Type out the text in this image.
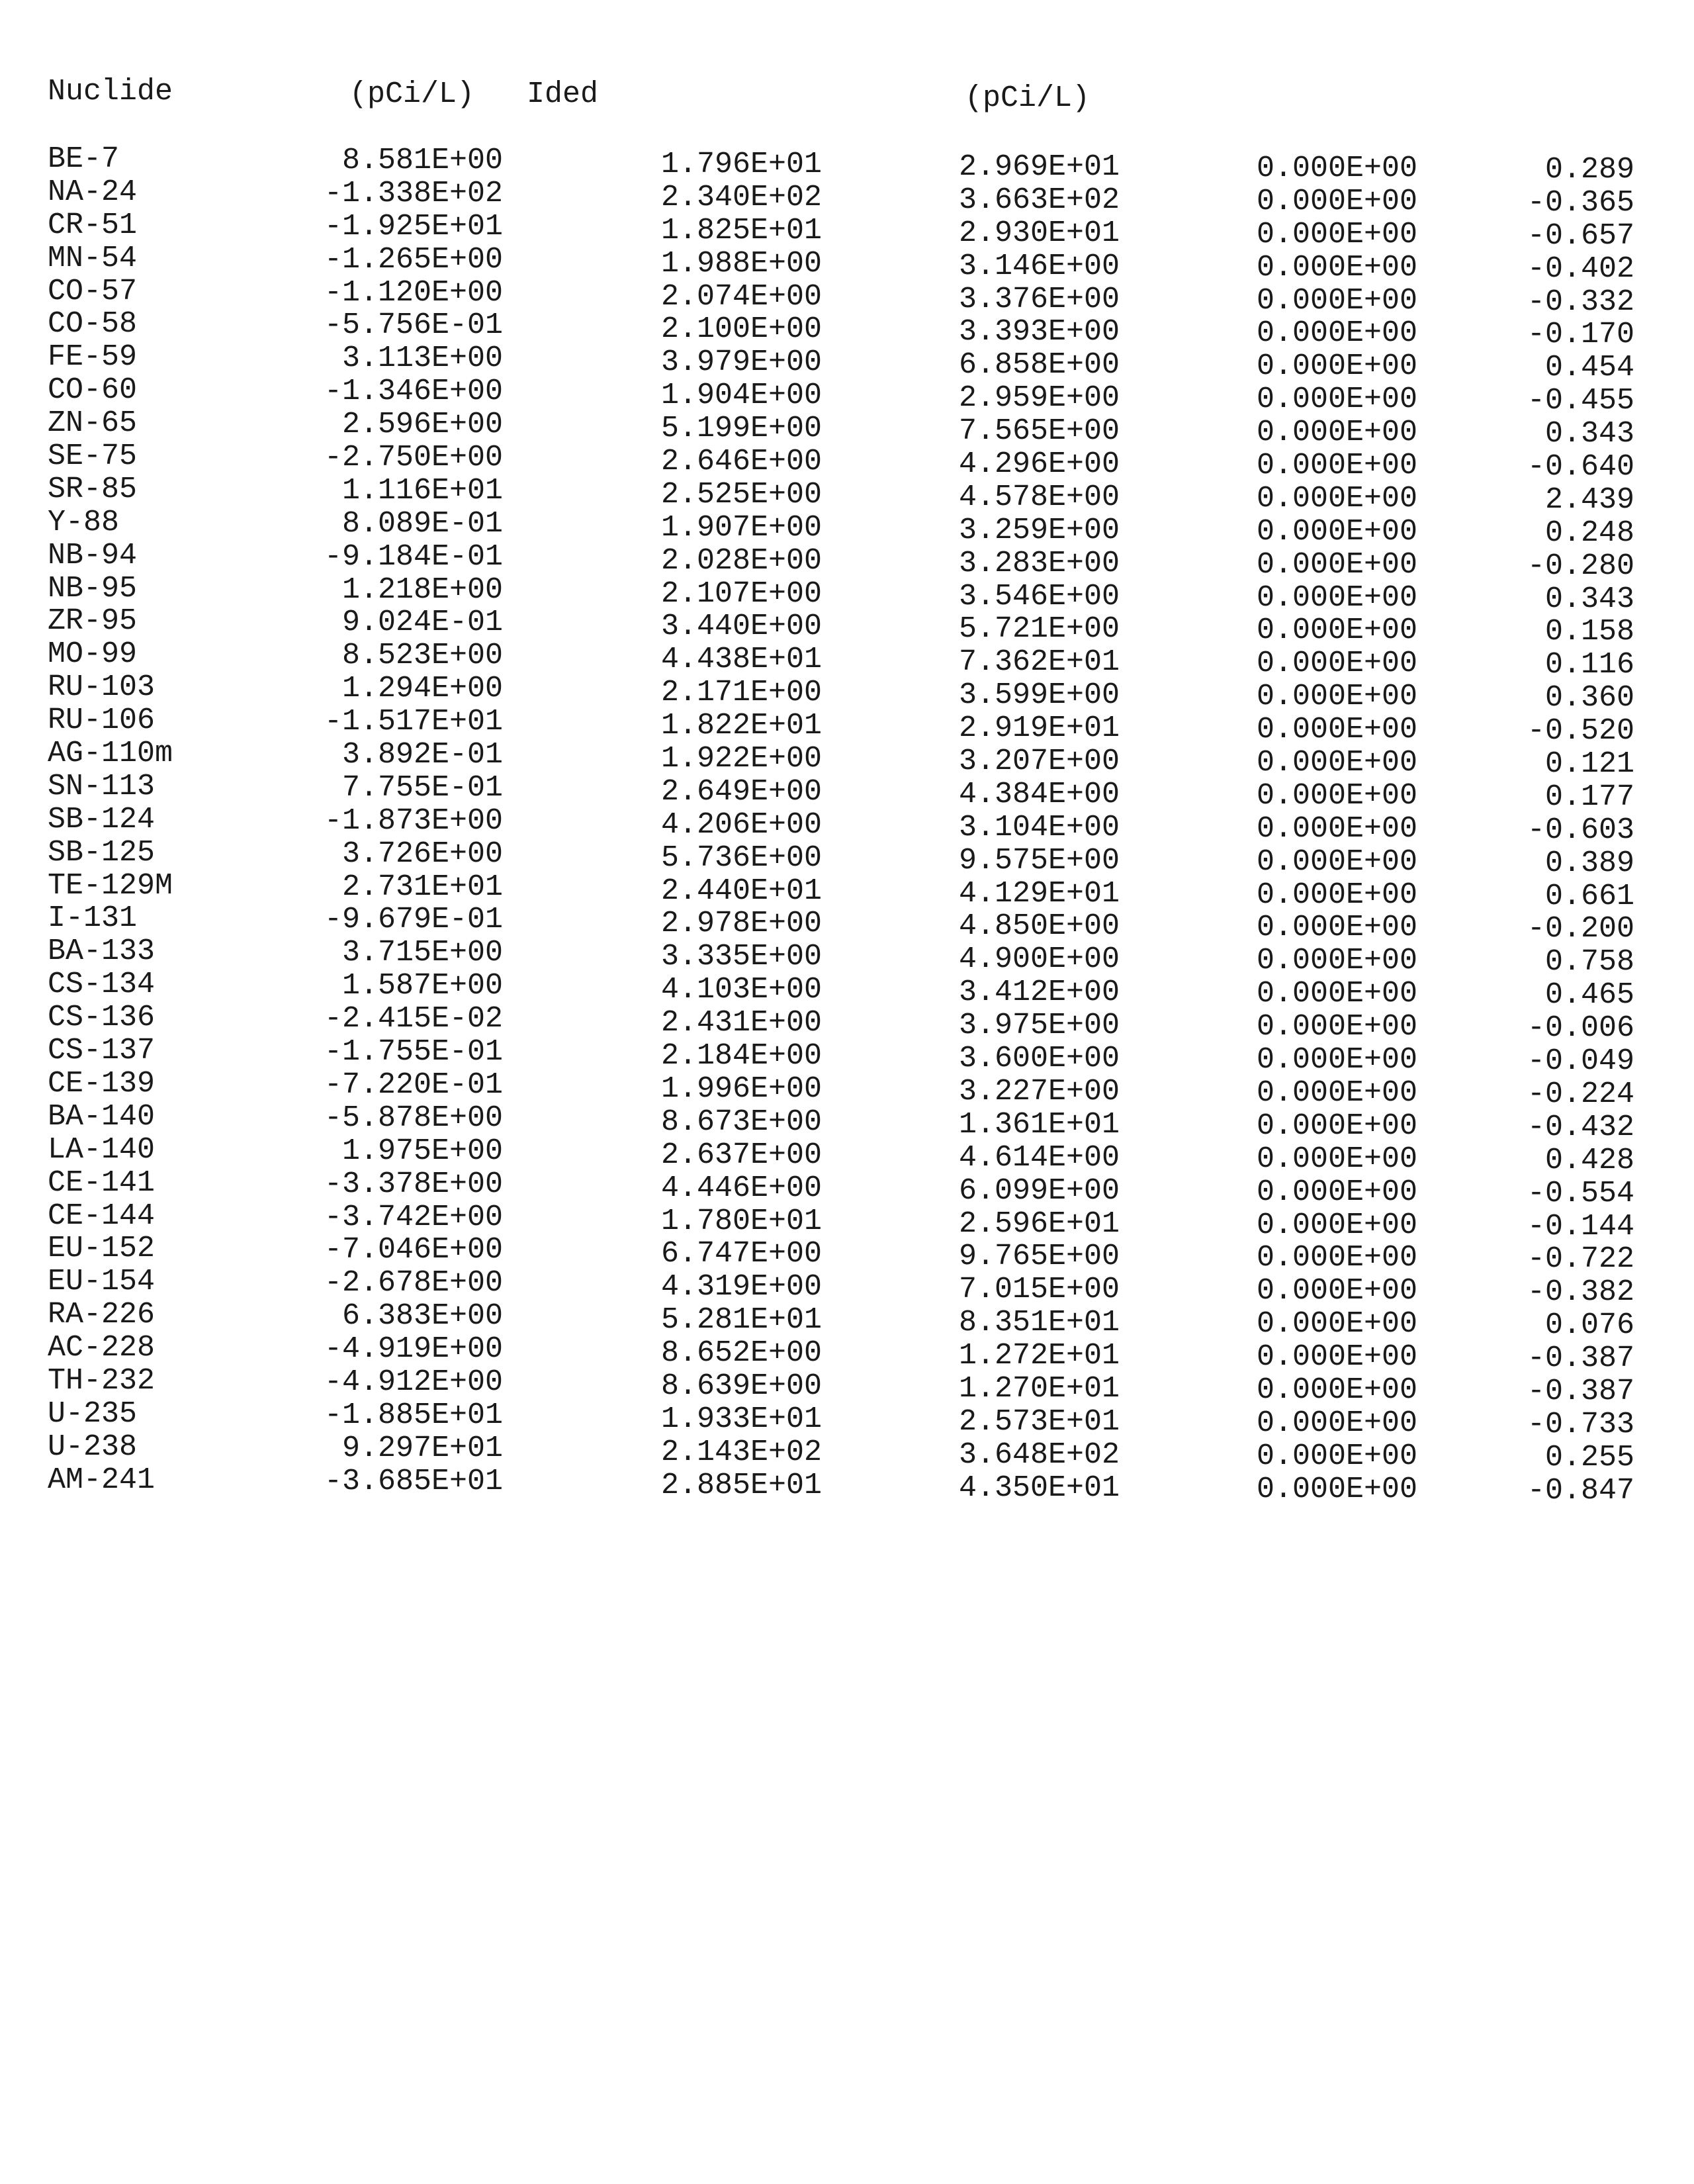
Nuclide	(pCi/L) Ided	(pCi/L)
BE-7	8.581E+00	1.796E+01	2.969E+01	0.000E+00	0.289
NA-24	-1.338E+02	2.340E+02	3.663E+02	0.000E+00	-0.365
CR-51	-1.925E+01	1.825E+01	2.930E+01	0.000E+00	-0.657
MN-54	-1.265E+00	1.988E+00	3.146E+00	0.000E+00	-0.402
CO-57	-1.120E+00	2.074E+00	3.376E+00	0.000E+00	-0.332
CO-58	-5.756E-01	2.100E+00	3.393E+00	0.000E+00	-0.170
FE-59	3.113E+00	3.979E+00	6.858E+00	0.000E+00	0.454
CO-60	-1.346E+00	1.904E+00	2.959E+00	0.000E+00	-0.455
ZN-65	2.596E+00	5.199E+00	7.565E+00	0.000E+00	0.343
SE-75	-2.750E+00	2.646E+00	4.296E+00	0.000E+00	-0.640
SR-85	1.116E+01	2.525E+00	4.578E+00	0.000E+00	2.439
Y-88	8.089E-01	1.907E+00	3.259E+00	0.000E+00	0.248
NB-94	-9.184E-01	2.028E+00	3.283E+00	0.000E+00	-0.280
NB-95	1.218E+00	2.107E+00	3.546E+00	0.000E+00	0.343
ZR-95	9.024E-01	3.440E+00	5.721E+00	0.000E+00	0.158
MO-99	8.523E+00	4.438E+01	7.362E+01	0.000E+00	0.116
RU-103	1.294E+00	2.171E+00	3.599E+00	0.000E+00	0.360
RU-106	-1.517E+01	1.822E+01	2.919E+01	0.000E+00	-0.520
AG-110m	3.892E-01	1.922E+00	3.207E+00	0.000E+00	0.121
SN-113	7.755E-01	2.649E+00	4.384E+00	0.000E+00	0.177
SB-124	-1.873E+00	4.206E+00	3.104E+00	0.000E+00	-0.603
SB-125	3.726E+00	5.736E+00	9.575E+00	0.000E+00	0.389
TE-129M	2.731E+01	2.440E+01	4.129E+01	0.000E+00	0.661
I-131	-9.679E-01	2.978E+00	4.850E+00	0.000E+00	-0.200
BA-133	3.715E+00	3.335E+00	4.900E+00	0.000E+00	0.758
CS-134	1.587E+00	4.103E+00	3.412E+00	0.000E+00	0.465
CS-136	-2.415E-02	2.431E+00	3.975E+00	0.000E+00	-0.006
CS-137	-1.755E-01	2.184E+00	3.600E+00	0.000E+00	-0.049
CE-139	-7.220E-01	1.996E+00	3.227E+00	0.000E+00	-0.224
BA-140	-5.878E+00	8.673E+00	1.361E+01	0.000E+00	-0.432
LA-140	1.975E+00	2.637E+00	4.614E+00	0.000E+00	0.428
CE-141	-3.378E+00	4.446E+00	6.099E+00	0.000E+00	-0.554
CE-144	-3.742E+00	1.780E+01	2.596E+01	0.000E+00	-0.144
EU-152	-7.046E+00	6.747E+00	9.765E+00	0.000E+00	-0.722
EU-154	-2.678E+00	4.319E+00	7.015E+00	0.000E+00	-0.382
RA-226	6.383E+00	5.281E+01	8.351E+01	0.000E+00	0.076
AC-228	-4.919E+00	8.652E+00	1.272E+01	0.000E+00	-0.387
TH-232	-4.912E+00	8.639E+00	1.270E+01	0.000E+00	-0.387
U-235	-1.885E+01	1.933E+01	2.573E+01	0.000E+00	-0.733
U-238	9.297E+01	2.143E+02	3.648E+02	0.000E+00	0.255
AM-241	-3.685E+01	2.885E+01	4.350E+01	0.000E+00	-0.847
